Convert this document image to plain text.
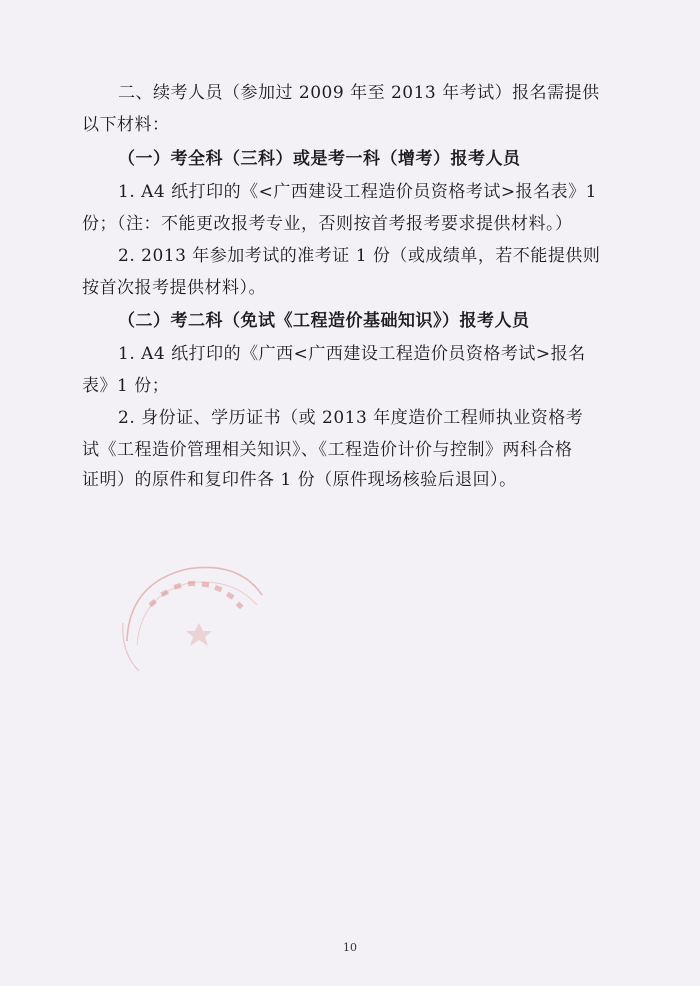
二、续考人员（参加过 2009 年至 2013 年考试）报名需提供
以下材料：
（一）考全科（三科）或是考一科（增考）报考人员
1. A4 纸打印的《<广西建设工程造价员资格考试>报名表》1
份；（注：不能更改报考专业，否则按首考报考要求提供材料。）
2. 2013 年参加考试的准考证 1 份（或成绩单，若不能提供则
按首次报考提供材料）。
（二）考二科（免试《工程造价基础知识》）报考人员
1. A4 纸打印的《广西<广西建设工程造价员资格考试>报名
表》1 份；
2. 身份证、学历证书（或 2013 年度造价工程师执业资格考
试《工程造价管理相关知识》、《工程造价计价与控制》两科合格
证明）的原件和复印件各 1 份（原件现场核验后退回）。
10
